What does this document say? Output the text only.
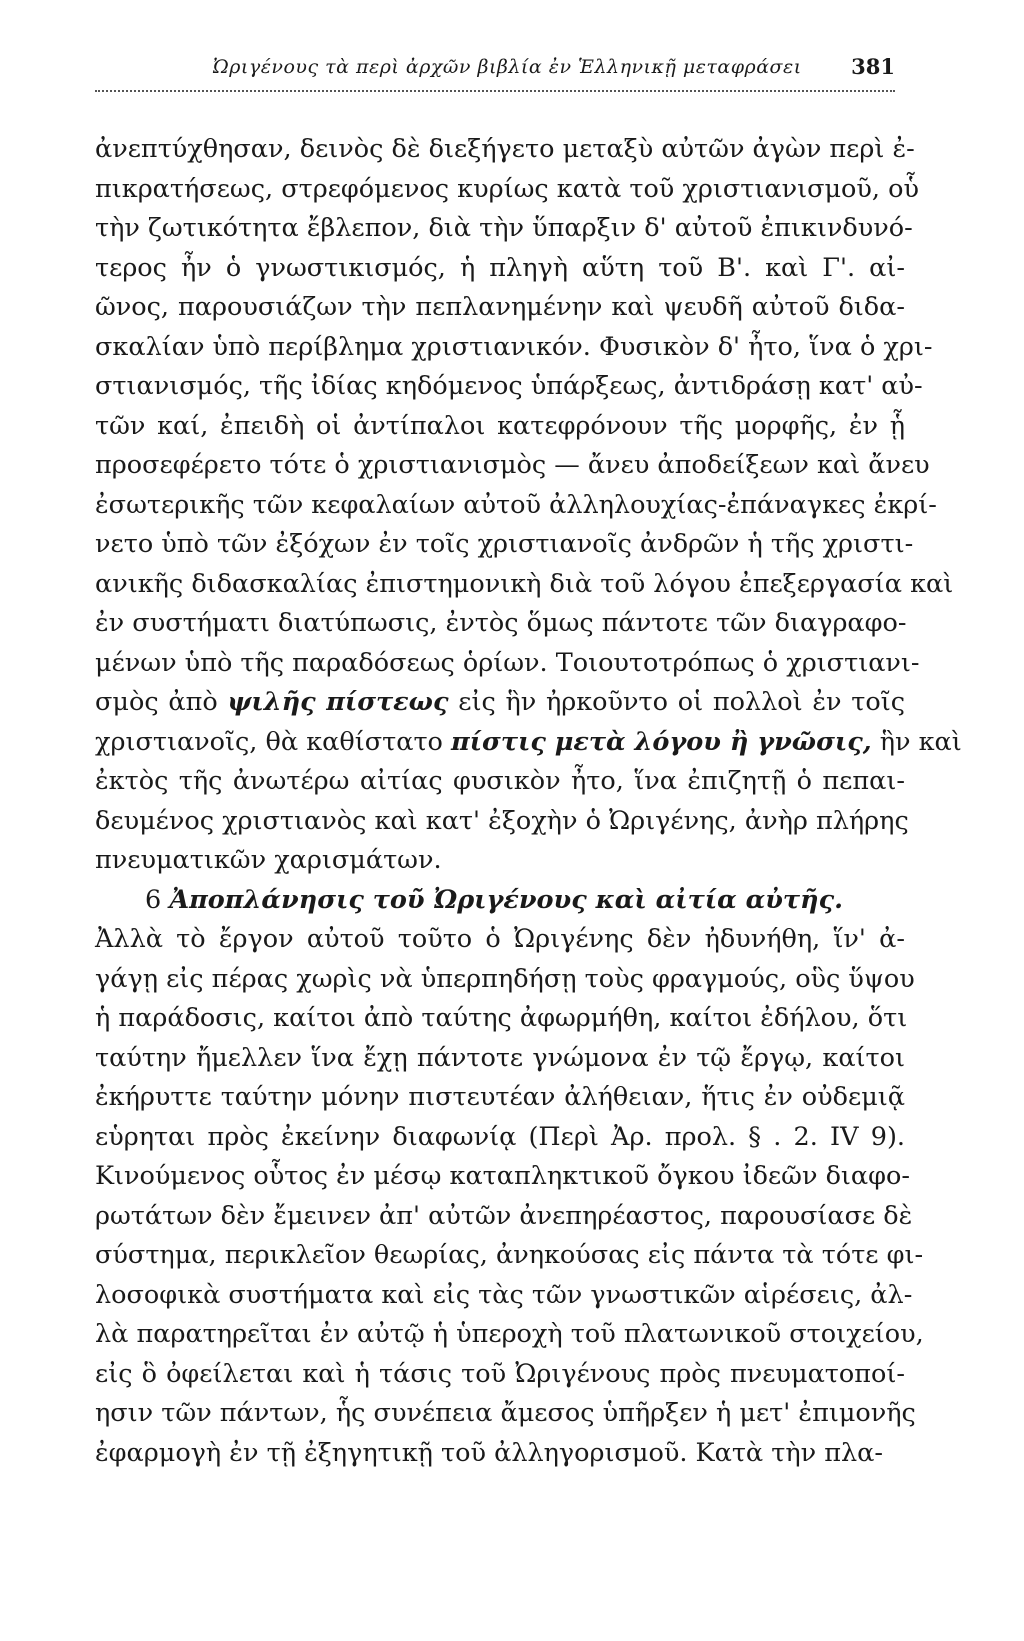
Ὠριγένους τὰ περὶ ἀρχῶν βιβλία ἐν Ἑλληνικῇ μεταφράσει 381
ἀνεπτύχθησαν, δεινὸς δὲ διεξήγετο μεταξὺ αὐτῶν ἀγὼν περὶ ἐ-
πικρατήσεως, στρεφόμενος κυρίως κατὰ τοῦ χριστιανισμοῦ, οὗ
τὴν ζωτικότητα ἔβλεπον, διὰ τὴν ὕπαρξιν δ' αὐτοῦ ἐπικινδυνό-
τερος ἦν ὁ γνωστικισμός, ἡ πληγὴ αὕτη τοῦ Β'. καὶ Γ'. αἰ-
ῶνος, παρουσιάζων τὴν πεπλανημένην καὶ ψευδῆ αὐτοῦ διδα-
σκαλίαν ὑπὸ περίβλημα χριστιανικόν. Φυσικὸν δ' ἦτο, ἵνα ὁ χρι-
στιανισμός, τῆς ἰδίας κηδόμενος ὑπάρξεως, ἀντιδράσῃ κατ' αὐ-
τῶν καί, ἐπειδὴ οἱ ἀντίπαλοι κατεφρόνουν τῆς μορφῆς, ἐν ᾗ
προσεφέρετο τότε ὁ χριστιανισμὸς — ἄνευ ἀποδείξεων καὶ ἄνευ
ἐσωτερικῆς τῶν κεφαλαίων αὐτοῦ ἀλληλουχίας-ἐπάναγκες ἐκρί-
νετο ὑπὸ τῶν ἐξόχων ἐν τοῖς χριστιανοῖς ἀνδρῶν ἡ τῆς χριστι-
ανικῆς διδασκαλίας ἐπιστημονικὴ διὰ τοῦ λόγου ἐπεξεργασία καὶ
ἐν συστήματι διατύπωσις, ἐντὸς ὅμως πάντοτε τῶν διαγραφο-
μένων ὑπὸ τῆς παραδόσεως ὁρίων. Τοιουτοτρόπως ὁ χριστιανι-
σμὸς ἀπὸ ψιλῆς πίστεως εἰς ἣν ἠρκοῦντο οἱ πολλοὶ ἐν τοῖς
χριστιανοῖς, θὰ καθίστατο πίστις μετὰ λόγου ἢ γνῶσις, ἣν καὶ
ἐκτὸς τῆς ἀνωτέρω αἰτίας φυσικὸν ἦτο, ἵνα ἐπιζητῇ ὁ πεπαι-
δευμένος χριστιανὸς καὶ κατ' ἐξοχὴν ὁ Ὠριγένης, ἀνὴρ πλήρης
πνευματικῶν χαρισμάτων.
6 Ἀποπλάνησις τοῦ Ὠριγένους καὶ αἰτία αὐτῆς.
Ἀλλὰ τὸ ἔργον αὐτοῦ τοῦτο ὁ Ὠριγένης δὲν ἠδυνήθη, ἵν' ἀ-
γάγῃ εἰς πέρας χωρὶς νὰ ὑπερπηδήσῃ τοὺς φραγμούς, οὓς ὕψου
ἡ παράδοσις, καίτοι ἀπὸ ταύτης ἀφωρμήθη, καίτοι ἐδήλου, ὅτι
ταύτην ἤμελλεν ἵνα ἔχῃ πάντοτε γνώμονα ἐν τῷ ἔργῳ, καίτοι
ἐκήρυττε ταύτην μόνην πιστευτέαν ἀλήθειαν, ἥτις ἐν οὐδεμιᾷ
εὑρηται πρὸς ἐκείνην διαφωνίᾳ (Περὶ Ἀρ. προλ. § . 2. IV 9).
Κινούμενος οὗτος ἐν μέσῳ καταπληκτικοῦ ὄγκου ἰδεῶν διαφο-
ρωτάτων δὲν ἔμεινεν ἀπ' αὐτῶν ἀνεπηρέαστος, παρουσίασε δὲ
σύστημα, περικλεῖον θεωρίας, ἀνηκούσας εἰς πάντα τὰ τότε φι-
λοσοφικὰ συστήματα καὶ εἰς τὰς τῶν γνωστικῶν αἱρέσεις, ἀλ-
λὰ παρατηρεῖται ἐν αὐτῷ ἡ ὑπεροχὴ τοῦ πλατωνικοῦ στοιχείου,
εἰς ὃ ὀφείλεται καὶ ἡ τάσις τοῦ Ὠριγένους πρὸς πνευματοποί-
ησιν τῶν πάντων, ἧς συνέπεια ἄμεσος ὑπῆρξεν ἡ μετ' ἐπιμονῆς
ἐφαρμογὴ ἐν τῇ ἐξηγητικῇ τοῦ ἀλληγορισμοῦ. Κατὰ τὴν πλα-
